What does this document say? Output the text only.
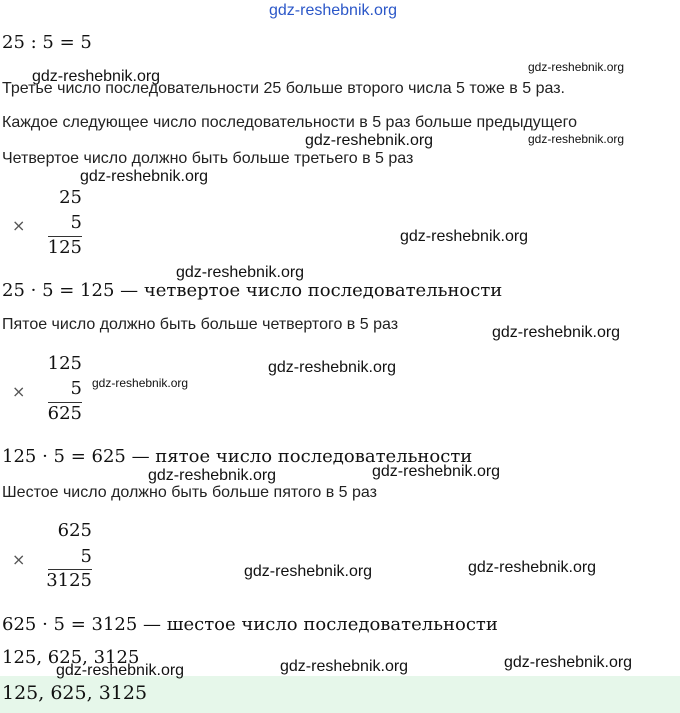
gdz-reshebnik.org
25 : 5 = 5
gdz-reshebnik.org
gdz-reshebnik.org
Третье число последовательности 25 больше второго числа 5 тоже в 5 раз.
Каждое следующее число последовательности в 5 раз больше предыдущего
gdz-reshebnik.org	gdz-reshebnik.org
Четвертое число должно быть больше третьего в 5 раз
gdz-reshebnik.org
25
×	5
125
gdz-reshebnik.org
gdz-reshebnik.org
25 · 5 = 125 — четвертое число последовательности
Пятое число должно быть больше четвертого в 5 раз	gdz-reshebnik.org
125
×	5
625
gdz-reshebnik.org
gdz-reshebnik.org
125 · 5 = 625 — пятое число последовательности
gdz-reshebnik.org	gdz-reshebnik.org
Шестое число должно быть больше пятого в 5 раз
625
×	5
3125	gdz-reshebnik.org	gdz-reshebnik.org
625 · 5 = 3125 — шестое число последовательности
125, 625, 3125
125, 625, 3125
gdz-reshebnik.org	gdz-reshebnik.org	gdz-reshebnik.org
